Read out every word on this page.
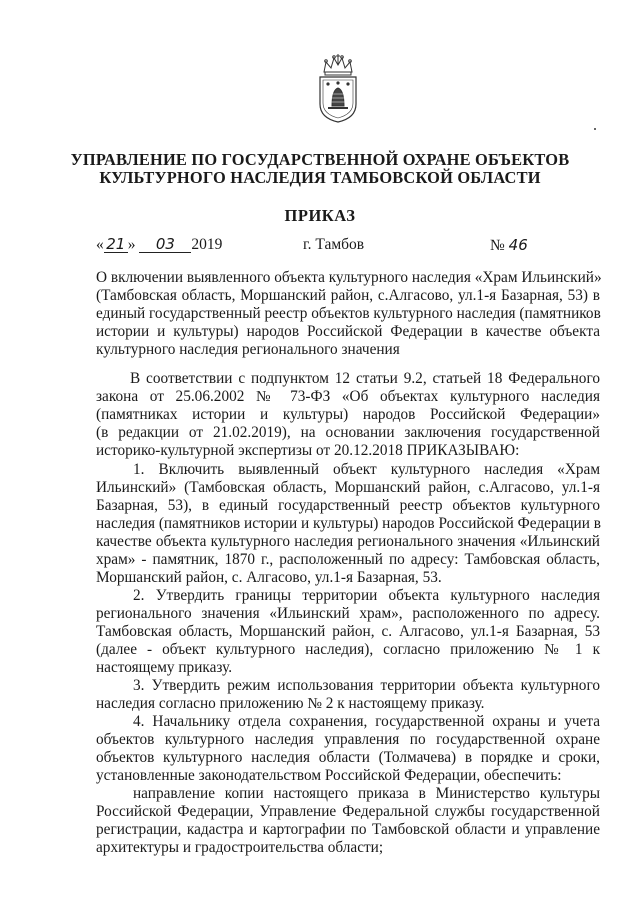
УПРАВЛЕНИЕ ПО ГОСУДАРСТВЕННОЙ ОХРАНЕ ОБЪЕКТОВ
КУЛЬТУРНОГО НАСЛЕДИЯ ТАМБОВСКОЙ ОБЛАСТИ
ПРИКАЗ
« 21 » 03 2019	г. Тамбов	№ 46
О включении выявленного объекта культурного наследия «Храм Ильинский»
(Тамбовская область, Моршанский район, с.Алгасово, ул.1-я Базарная, 53) в
единый государственный реестр объектов культурного наследия (памятников
истории и культуры) народов Российской Федерации в качестве объекта
культурного наследия регионального значения
В соответствии с подпунктом 12 статьи 9.2, статьей 18 Федерального
закона от 25.06.2002 № 73-ФЗ «Об объектах культурного наследия
(памятниках истории и культуры) народов Российской Федерации»
(в редакции от 21.02.2019), на основании заключения государственной
историко-культурной экспертизы от 20.12.2018 ПРИКАЗЫВАЮ:
1. Включить выявленный объект культурного наследия «Храм
Ильинский» (Тамбовская область, Моршанский район, с.Алгасово, ул.1-я
Базарная, 53), в единый государственный реестр объектов культурного
наследия (памятников истории и культуры) народов Российской Федерации в
качестве объекта культурного наследия регионального значения «Ильинский
храм» - памятник, 1870 г., расположенный по адресу: Тамбовская область,
Моршанский район, с. Алгасово, ул.1-я Базарная, 53.
2. Утвердить границы территории объекта культурного наследия
регионального значения «Ильинский храм», расположенного по адресу.
Тамбовская область, Моршанский район, с. Алгасово, ул.1-я Базарная, 53
(далее - объект культурного наследия), согласно приложению № 1 к
настоящему приказу.
3. Утвердить режим использования территории объекта культурного
наследия согласно приложению № 2 к настоящему приказу.
4. Начальнику отдела сохранения, государственной охраны и учета
объектов культурного наследия управления по государственной охране
объектов культурного наследия области (Толмачева) в порядке и сроки,
установленные законодательством Российской Федерации, обеспечить:
направление копии настоящего приказа в Министерство культуры
Российской Федерации, Управление Федеральной службы государственной
регистрации, кадастра и картографии по Тамбовской области и управление
архитектуры и градостроительства области;
